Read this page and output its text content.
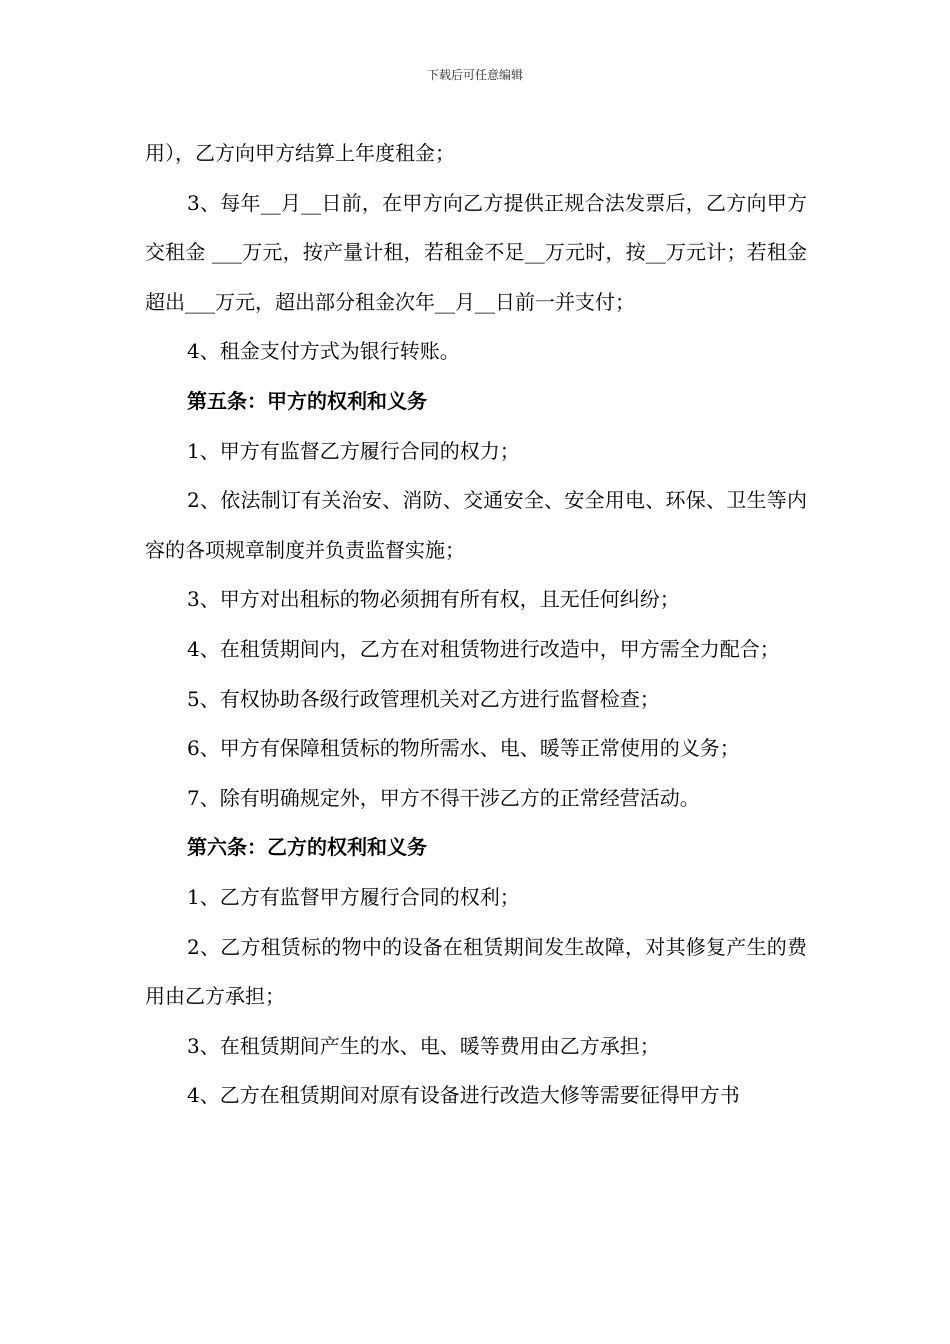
下载后可任意编辑

用），乙方向甲方结算上年度租金；

3、每年__月__日前，在甲方向乙方提供正规合法发票后，乙方向甲方交租金 ___万元，按产量计租，若租金不足__万元时，按__万元计；若租金超出___万元，超出部分租金次年__月__日前一并支付；

4、租金支付方式为银行转账。

第五条：甲方的权利和义务

1、甲方有监督乙方履行合同的权力；

2、依法制订有关治安、消防、交通安全、安全用电、环保、卫生等内容的各项规章制度并负责监督实施；

3、甲方对出租标的物必须拥有所有权，且无任何纠纷；

4、在租赁期间内，乙方在对租赁物进行改造中，甲方需全力配合；

5、有权协助各级行政管理机关对乙方进行监督检查；

6、甲方有保障租赁标的物所需水、电、暖等正常使用的义务；

7、除有明确规定外，甲方不得干涉乙方的正常经营活动。

第六条：乙方的权利和义务

1、乙方有监督甲方履行合同的权利；

2、乙方租赁标的物中的设备在租赁期间发生故障，对其修复产生的费用由乙方承担；

3、在租赁期间产生的水、电、暖等费用由乙方承担；

4、乙方在租赁期间对原有设备进行改造大修等需要征得甲方书
